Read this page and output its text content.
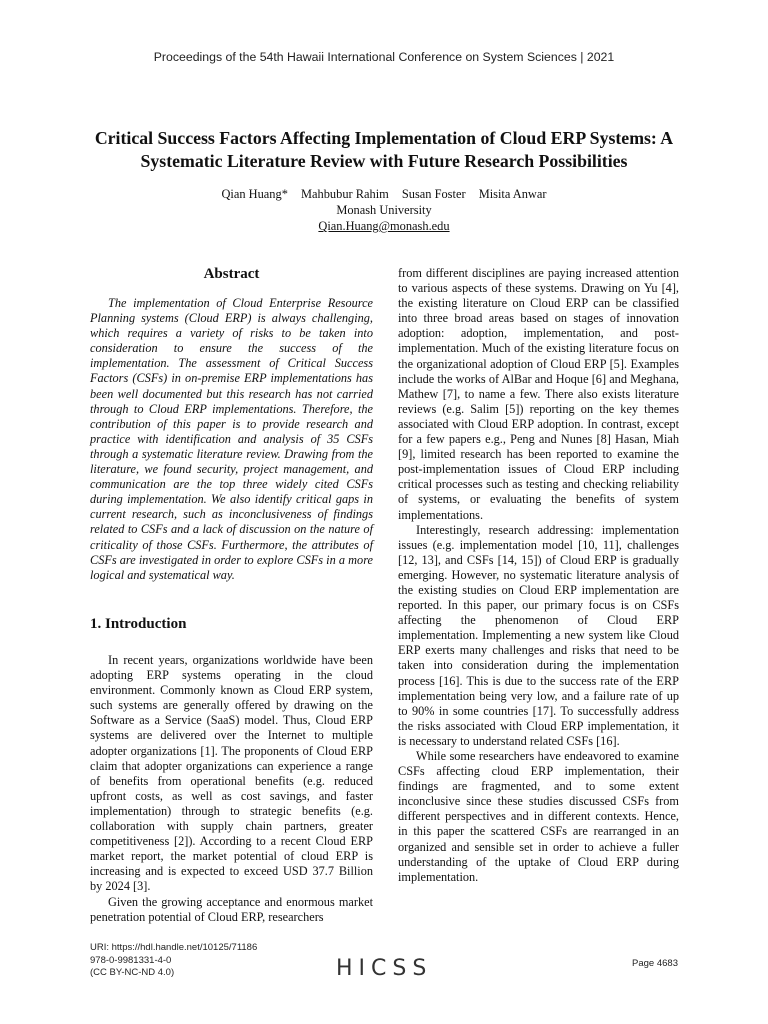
Proceedings of the 54th Hawaii International Conference on System Sciences | 2021
Critical Success Factors Affecting Implementation of Cloud ERP Systems: A
Systematic Literature Review with Future Research Possibilities
Qian Huang* Mahbubur Rahim Susan Foster Misita Anwar
Monash University
Qian.Huang@monash.edu
Abstract

The implementation of Cloud Enterprise Resource Planning systems (Cloud ERP) is always challenging, which requires a variety of risks to be taken into consideration to ensure the success of the implementation. The assessment of Critical Success Factors (CSFs) in on-premise ERP implementations has been well documented but this research has not carried through to Cloud ERP implementations. Therefore, the contribution of this paper is to provide research and practice with identification and analysis of 35 CSFs through a systematic literature review. Drawing from the literature, we found security, project management, and communication are the top three widely cited CSFs during implementation. We also identify critical gaps in current research, such as inconclusiveness of findings related to CSFs and a lack of discussion on the nature of criticality of those CSFs. Furthermore, the attributes of CSFs are investigated in order to explore CSFs in a more logical and systematical way.

1. Introduction

In recent years, organizations worldwide have been adopting ERP systems operating in the cloud environment. Commonly known as Cloud ERP system, such systems are generally offered by drawing on the Software as a Service (SaaS) model. Thus, Cloud ERP systems are delivered over the Internet to multiple adopter organizations [1]. The proponents of Cloud ERP claim that adopter organizations can experience a range of benefits from operational benefits (e.g. reduced upfront costs, as well as cost savings, and faster implementation) through to strategic benefits (e.g. collaboration with supply chain partners, greater competitiveness [2]). According to a recent Cloud ERP market report, the market potential of cloud ERP is increasing and is expected to exceed USD 37.7 Billion by 2024 [3].

Given the growing acceptance and enormous market penetration potential of Cloud ERP, researchers

from different disciplines are paying increased attention to various aspects of these systems. Drawing on Yu [4], the existing literature on Cloud ERP can be classified into three broad areas based on stages of innovation adoption: adoption, implementation, and post-implementation. Much of the existing literature focus on the organizational adoption of Cloud ERP [5]. Examples include the works of AlBar and Hoque [6] and Meghana, Mathew [7], to name a few. There also exists literature reviews (e.g. Salim [5]) reporting on the key themes associated with Cloud ERP adoption. In contrast, except for a few papers e.g., Peng and Nunes [8] Hasan, Miah [9], limited research has been reported to examine the post-implementation issues of Cloud ERP including critical processes such as testing and checking reliability of systems, or evaluating the benefits of system implementations.

Interestingly, research addressing: implementation issues (e.g. implementation model [10, 11], challenges [12, 13], and CSFs [14, 15]) of Cloud ERP is gradually emerging. However, no systematic literature analysis of the existing studies on Cloud ERP implementation are reported. In this paper, our primary focus is on CSFs affecting the phenomenon of Cloud ERP implementation. Implementing a new system like Cloud ERP exerts many challenges and risks that need to be taken into consideration during the implementation process [16]. This is due to the success rate of the ERP implementation being very low, and a failure rate of up to 90% in some countries [17]. To successfully address the risks associated with Cloud ERP implementation, it is necessary to understand related CSFs [16].

While some researchers have endeavored to examine CSFs affecting cloud ERP implementation, their findings are fragmented, and to some extent inconclusive since these studies discussed CSFs from different perspectives and in different contexts. Hence, in this paper the scattered CSFs are rearranged in an organized and sensible set in order to achieve a fuller understanding of the uptake of Cloud ERP during implementation.

URI: https://hdl.handle.net/10125/71186
978-0-9981331-4-0
(CC BY-NC-ND 4.0)	HICSS	Page 4683
